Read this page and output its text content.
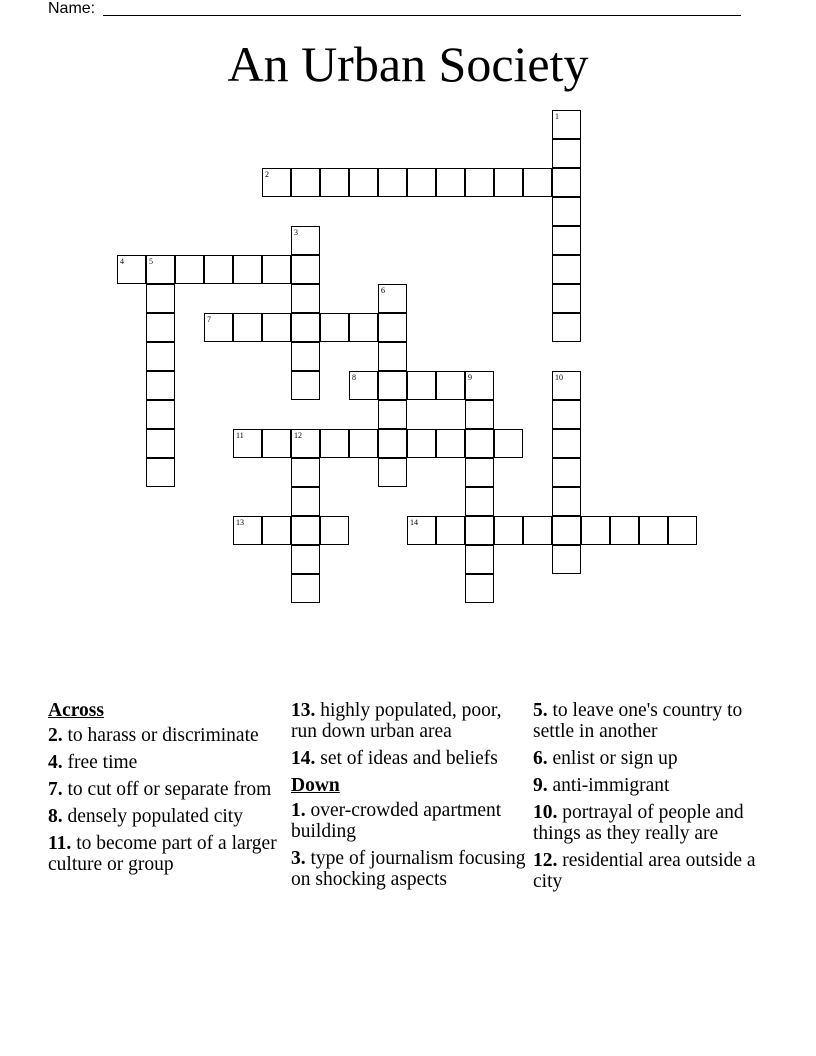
Name:
An Urban Society
1
2
3
4	5
6
7
8	9	10
11	12
13	14
Across
2. to harass or discriminate
4. free time
7. to cut off or separate from
8. densely populated city
11. to become part of a larger culture or group
13. highly populated, poor, run down urban area
14. set of ideas and beliefs
Down
1. over-crowded apartment building
3. type of journalism focusing on shocking aspects
5. to leave one's country to settle in another
6. enlist or sign up
9. anti-immigrant
10. portrayal of people and things as they really are
12. residential area outside a city
